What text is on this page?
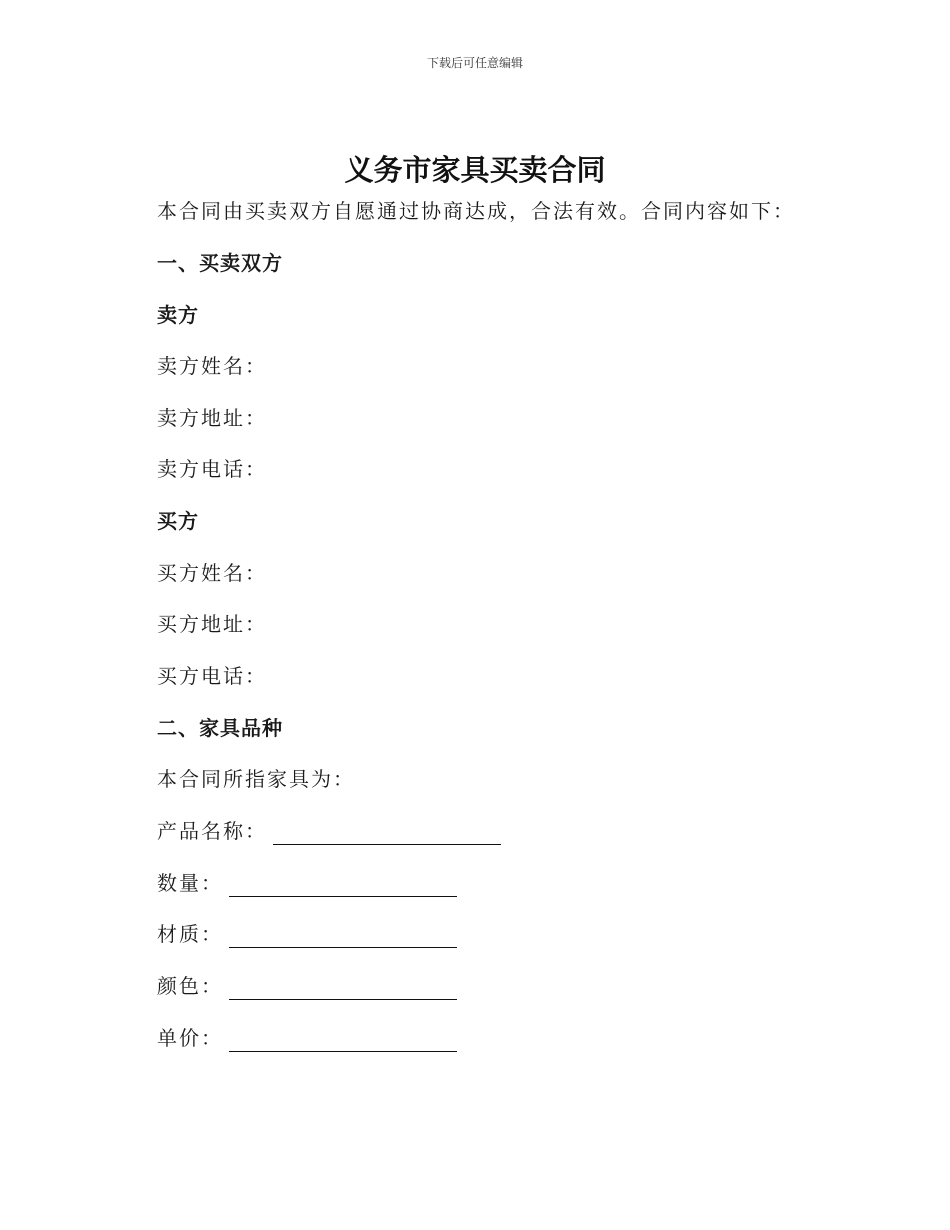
下载后可任意编辑
义务市家具买卖合同
本合同由买卖双方自愿通过协商达成，合法有效。合同内容如下：
一、买卖双方
卖方
卖方姓名：
卖方地址：
卖方电话：
买方
买方姓名：
买方地址：
买方电话：
二、家具品种
本合同所指家具为：
产品名称：
数量：
材质：
颜色：
单价：
